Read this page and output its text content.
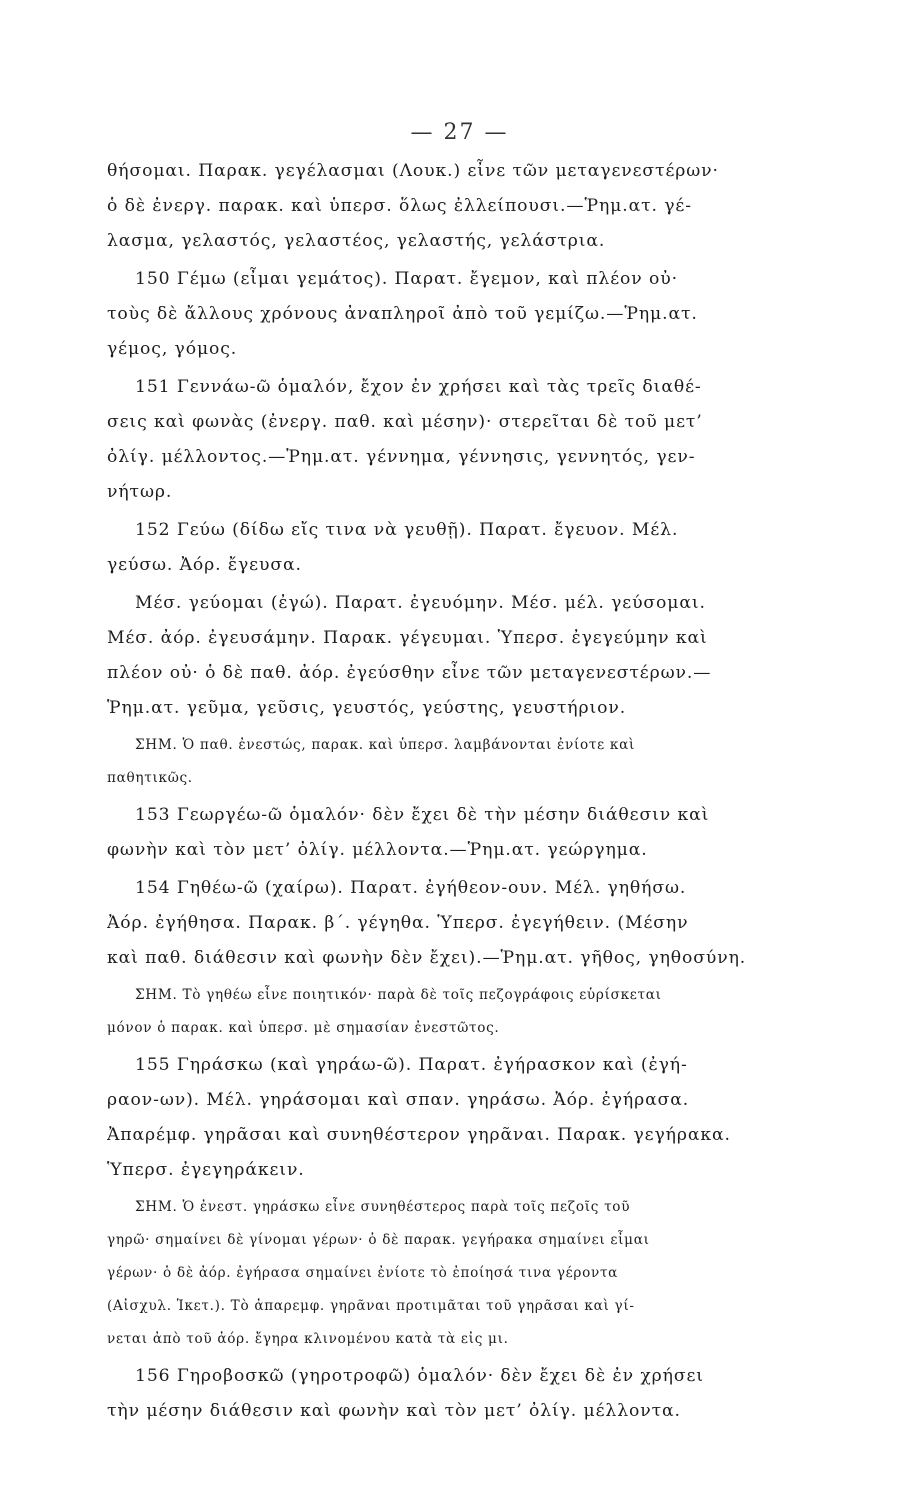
— 27 —
θήσομαι. Παρακ. γεγέλασμαι (Λουκ.) εἶνε τῶν μεταγενεστέρων·
ὁ δὲ ἐνεργ. παρακ. καὶ ὑπερσ. ὅλως ἐλλείπουσι.—Ῥημ.ατ. γέ-
λασμα, γελαστός, γελαστέος, γελαστής, γελάστρια.
150 Γέμω (εἶμαι γεμάτος). Παρατ. ἔγεμον, καὶ πλέον οὐ·
τοὺς δὲ ἄλλους χρόνους ἀναπληροῖ ἀπὸ τοῦ γεμίζω.—Ῥημ.ατ.
γέμος, γόμος.
151 Γεννάω-ῶ ὁμαλόν, ἔχον ἐν χρήσει καὶ τὰς τρεῖς διαθέ-
σεις καὶ φωνὰς (ἐνεργ. παθ. καὶ μέσην)· στερεῖται δὲ τοῦ μετ’
ὀλίγ. μέλλοντος.—Ῥημ.ατ. γέννημα, γέννησις, γεννητός, γεν-
νήτωρ.
152 Γεύω (δίδω εἴς τινα νὰ γευθῇ). Παρατ. ἔγευον. Μέλ.
γεύσω. Ἀόρ. ἔγευσα.
Μέσ. γεύομαι (ἐγώ). Παρατ. ἐγευόμην. Μέσ. μέλ. γεύσομαι.
Μέσ. ἀόρ. ἐγευσάμην. Παρακ. γέγευμαι. Ὑπερσ. ἐγεγεύμην καὶ
πλέον οὐ· ὁ δὲ παθ. ἀόρ. ἐγεύσθην εἶνε τῶν μεταγενεστέρων.—
Ῥημ.ατ. γεῦμα, γεῦσις, γευστός, γεύστης, γευστήριον.
ΣΗΜ. Ὁ παθ. ἐνεστώς, παρακ. καὶ ὑπερσ. λαμβάνονται ἐνίοτε καὶ
παθητικῶς.
153 Γεωργέω-ῶ ὁμαλόν· δὲν ἔχει δὲ τὴν μέσην διάθεσιν καὶ
φωνὴν καὶ τὸν μετ’ ὀλίγ. μέλλοντα.—Ῥημ.ατ. γεώργημα.
154 Γηθέω-ῶ (χαίρω). Παρατ. ἐγήθεον-ουν. Μέλ. γηθήσω.
Ἀόρ. ἐγήθησα. Παρακ. β΄. γέγηθα. Ὑπερσ. ἐγεγήθειν. (Μέσην
καὶ παθ. διάθεσιν καὶ φωνὴν δὲν ἔχει).—Ῥημ.ατ. γῆθος, γηθοσύνη.
ΣΗΜ. Τὸ γηθέω εἶνε ποιητικόν· παρὰ δὲ τοῖς πεζογράφοις εὑρίσκεται
μόνον ὁ παρακ. καὶ ὑπερσ. μὲ σημασίαν ἐνεστῶτος.
155 Γηράσκω (καὶ γηράω-ῶ). Παρατ. ἐγήρασκον καὶ (ἐγή-
ραον-ων). Μέλ. γηράσομαι καὶ σπαν. γηράσω. Ἀόρ. ἐγήρασα.
Ἀπαρέμφ. γηρᾶσαι καὶ συνηθέστερον γηρᾶναι. Παρακ. γεγήρακα.
Ὑπερσ. ἐγεγηράκειν.
ΣΗΜ. Ὁ ἐνεστ. γηράσκω εἶνε συνηθέστερος παρὰ τοῖς πεζοῖς τοῦ
γηρῶ· σημαίνει δὲ γίνομαι γέρων· ὁ δὲ παρακ. γεγήρακα σημαίνει εἶμαι
γέρων· ὁ δὲ ἀόρ. ἐγήρασα σημαίνει ἐνίοτε τὸ ἐποίησά τινα γέροντα
(Αἰσχυλ. Ἱκετ.). Τὸ ἀπαρεμφ. γηρᾶναι προτιμᾶται τοῦ γηρᾶσαι καὶ γί-
νεται ἀπὸ τοῦ ἀόρ. ἔγηρα κλινομένου κατὰ τὰ εἰς μι.
156 Γηροβοσκῶ (γηροτροφῶ) ὁμαλόν· δὲν ἔχει δὲ ἐν χρήσει
τὴν μέσην διάθεσιν καὶ φωνὴν καὶ τὸν μετ’ ὀλίγ. μέλλοντα.
